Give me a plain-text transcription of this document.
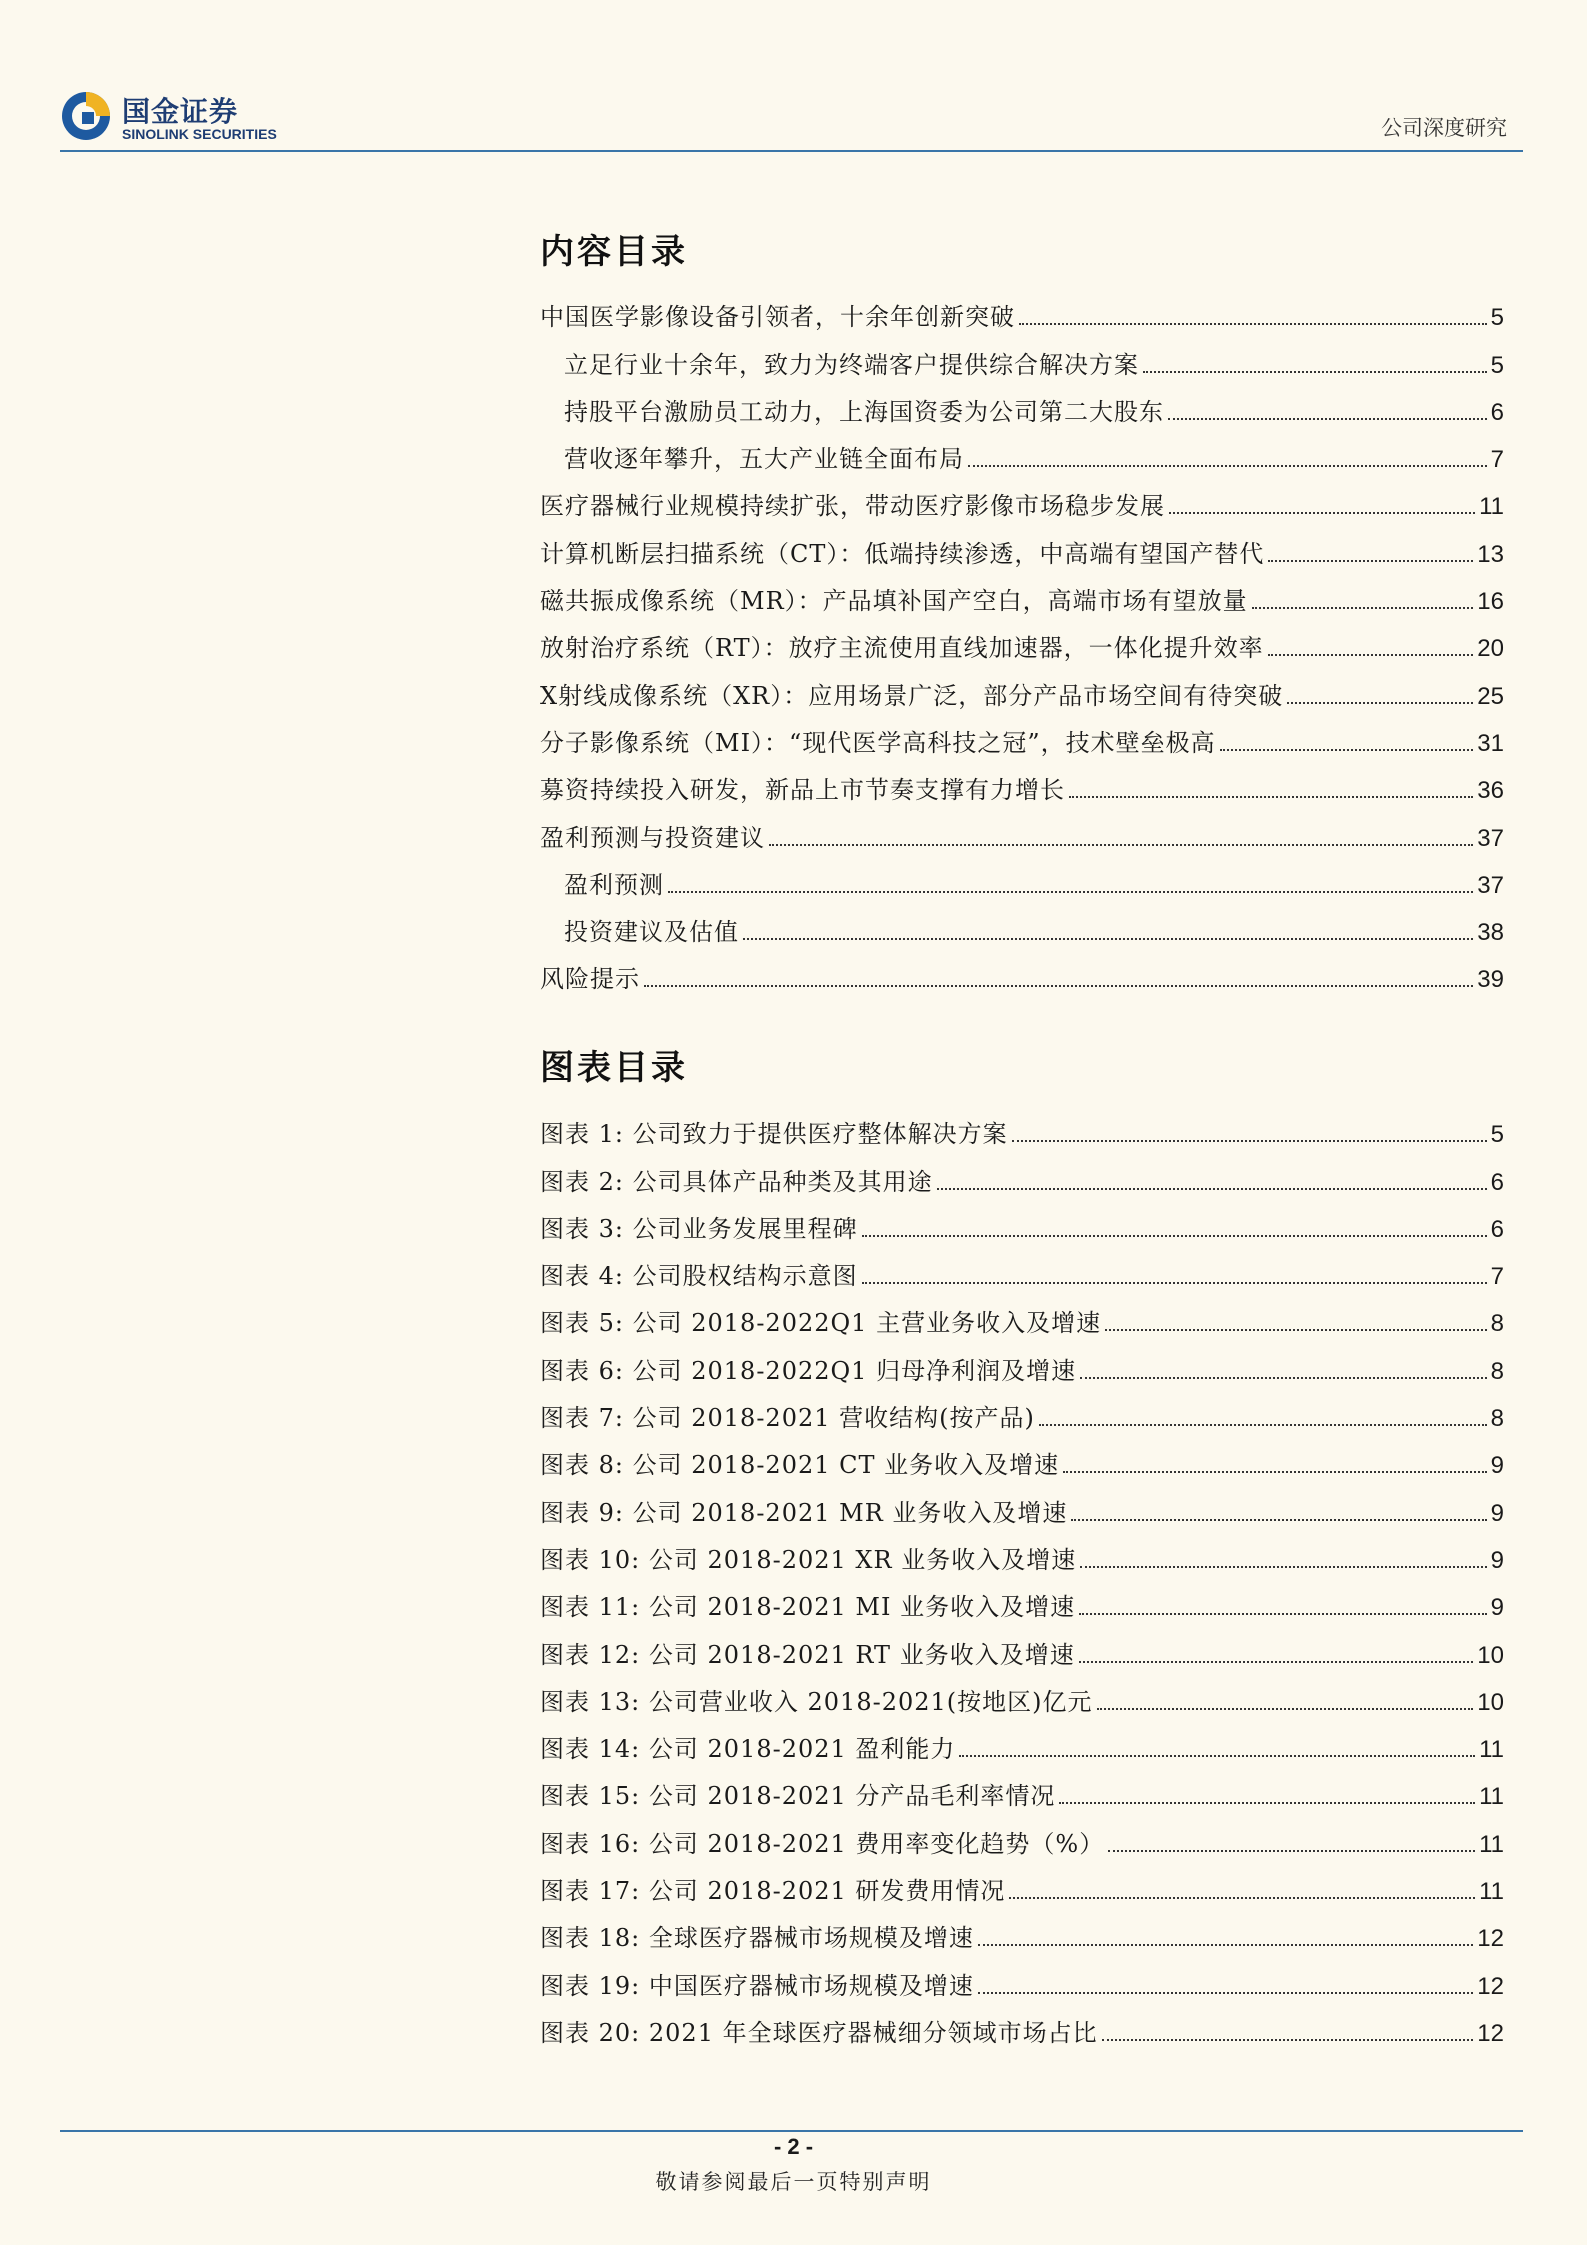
国金证券
SINOLINK SECURITIES	公司深度研究
内容目录
中国医学影像设备引领者，十余年创新突破	5
立足行业十余年，致力为终端客户提供综合解决方案	5
持股平台激励员工动力，上海国资委为公司第二大股东	6
营收逐年攀升，五大产业链全面布局	7
医疗器械行业规模持续扩张，带动医疗影像市场稳步发展	11
计算机断层扫描系统（CT）：低端持续渗透，中高端有望国产替代	13
磁共振成像系统（MR）：产品填补国产空白，高端市场有望放量	16
放射治疗系统（RT）：放疗主流使用直线加速器，一体化提升效率	20
X射线成像系统（XR）：应用场景广泛，部分产品市场空间有待突破	25
分子影像系统（MI）：“现代医学高科技之冠”，技术壁垒极高	31
募资持续投入研发，新品上市节奏支撑有力增长	36
盈利预测与投资建议	37
盈利预测	37
投资建议及估值	38
风险提示	39
图表目录
图表 1: 公司致力于提供医疗整体解决方案	5
图表 2: 公司具体产品种类及其用途	6
图表 3: 公司业务发展里程碑	6
图表 4: 公司股权结构示意图	7
图表 5: 公司 2018-2022Q1 主营业务收入及增速	8
图表 6: 公司 2018-2022Q1 归母净利润及增速	8
图表 7: 公司 2018-2021 营收结构(按产品)	8
图表 8: 公司 2018-2021 CT 业务收入及增速	9
图表 9: 公司 2018-2021 MR 业务收入及增速	9
图表 10: 公司 2018-2021 XR 业务收入及增速	9
图表 11: 公司 2018-2021 MI 业务收入及增速	9
图表 12: 公司 2018-2021 RT 业务收入及增速	10
图表 13: 公司营业收入 2018-2021(按地区)亿元	10
图表 14: 公司 2018-2021 盈利能力	11
图表 15: 公司 2018-2021 分产品毛利率情况	11
图表 16: 公司 2018-2021 费用率变化趋势（%）	11
图表 17: 公司 2018-2021 研发费用情况	11
图表 18: 全球医疗器械市场规模及增速	12
图表 19: 中国医疗器械市场规模及增速	12
图表 20: 2021 年全球医疗器械细分领域市场占比	12
- 2 -
敬请参阅最后一页特别声明
